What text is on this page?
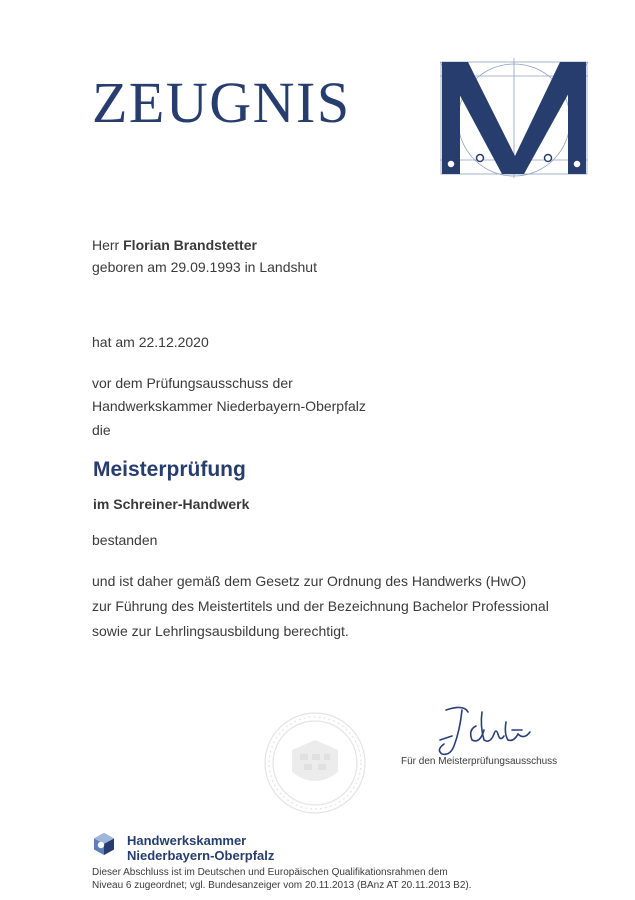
ZEUGNIS
Herr Florian Brandstetter
geboren am 29.09.1993 in Landshut
hat am 22.12.2020
vor dem Prüfungsausschuss der
Handwerkskammer Niederbayern-Oberpfalz
die
Meisterprüfung
im Schreiner-Handwerk
bestanden
und ist daher gemäß dem Gesetz zur Ordnung des Handwerks (HwO)
zur Führung des Meistertitels und der Bezeichnung Bachelor Professional
sowie zur Lehrlingsausbildung berechtigt.
Für den Meisterprüfungsausschuss
Handwerkskammer
Niederbayern-Oberpfalz
Dieser Abschluss ist im Deutschen und Europäischen Qualifikationsrahmen dem
Niveau 6 zugeordnet; vgl. Bundesanzeiger vom 20.11.2013 (BAnz AT 20.11.2013 B2).
